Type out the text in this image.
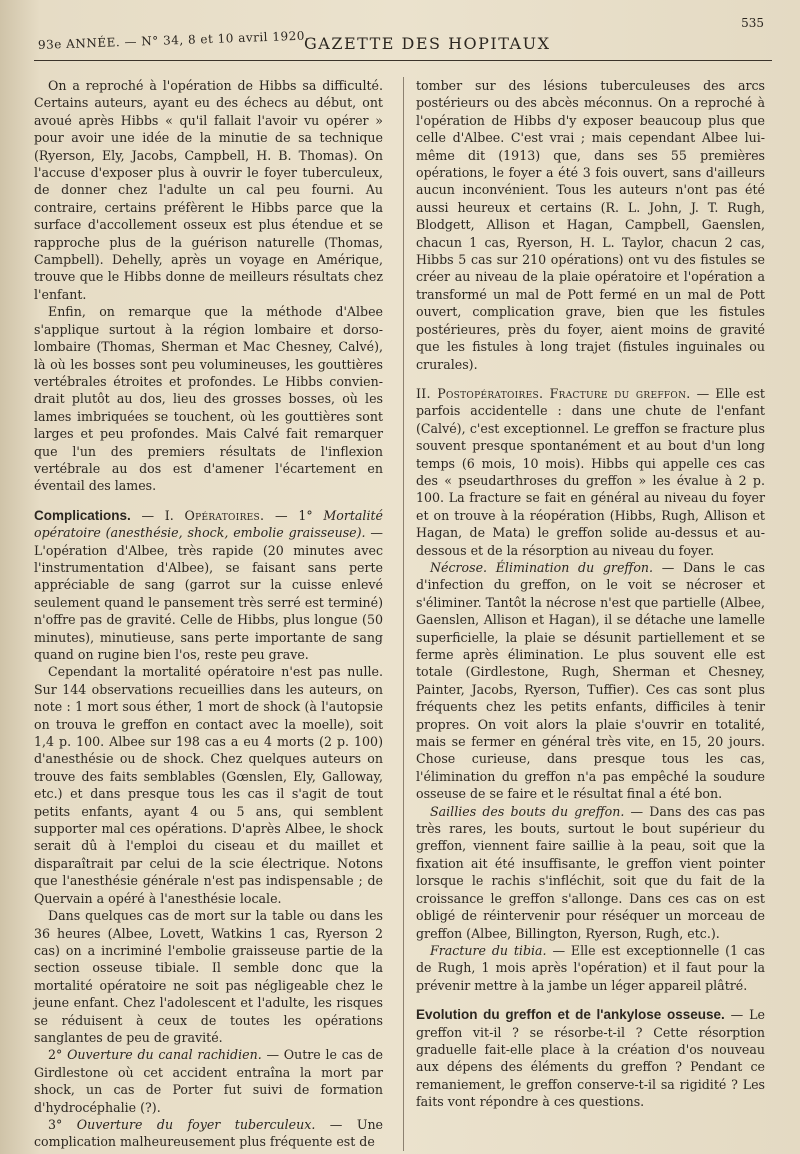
93e ANNÉE. — N° 34, 8 et 10 avril 1920.
GAZETTE DES HOPITAUX
535

On a reproché à l'opération de Hibbs sa difficulté. Certains auteurs, ayant eu des échecs au début, ont avoué après Hibbs « qu'il fallait l'avoir vu opérer » pour avoir une idée de la minutie de sa technique (Ryerson, Ely, Jacobs, Campbell, H. B. Thomas). On l'accuse d'exposer plus à ouvrir le foyer tuberculeux, de donner chez l'adulte un cal peu fourni. Au contraire, certains préfèrent le Hibbs parce que la surface d'accollement osseux est plus étendue et se rapproche plus de la guérison naturelle (Thomas, Campbell). Dehelly, après un voyage en Amérique, trouve que le Hibbs donne de meilleurs résultats chez l'enfant.

Enfin, on remarque que la méthode d'Albee s'applique surtout à la région lombaire et dorso-lombaire (Thomas, Sherman et Mac Chesney, Calvé), là où les bosses sont peu volumineuses, les gouttières vertébrales étroites et profondes. Le Hibbs convien-drait plutôt au dos, lieu des grosses bosses, où les lames imbriquées se touchent, où les gouttières sont larges et peu profondes. Mais Calvé fait remarquer que l'un des premiers résultats de l'inflexion vertébrale au dos est d'amener l'écartement en éventail des lames.

Complications. — I. Opératoires. — 1° Mortalité opératoire (anesthésie, shock, embolie graisseuse). — L'opération d'Albee, très rapide (20 minutes avec l'instrumentation d'Albee), se faisant sans perte appréciable de sang (garrot sur la cuisse enlevé seulement quand le pansement très serré est terminé) n'offre pas de gravité. Celle de Hibbs, plus longue (50 minutes), minutieuse, sans perte importante de sang quand on rugine bien l'os, reste peu grave.

Cependant la mortalité opératoire n'est pas nulle. Sur 144 observations recueillies dans les auteurs, on note : 1 mort sous éther, 1 mort de shock (à l'autopsie on trouva le greffon en contact avec la moelle), soit 1,4 p. 100. Albee sur 198 cas a eu 4 morts (2 p. 100) d'anesthésie ou de shock. Chez quelques auteurs on trouve des faits semblables (Gœnslen, Ely, Galloway, etc.) et dans presque tous les cas il s'agit de tout petits enfants, ayant 4 ou 5 ans, qui semblent supporter mal ces opérations. D'après Albee, le shock serait dû à l'emploi du ciseau et du maillet et disparaîtrait par celui de la scie électrique. Notons que l'anesthésie générale n'est pas indispensable ; de Quervain a opéré à l'anesthésie locale.

Dans quelques cas de mort sur la table ou dans les 36 heures (Albee, Lovett, Watkins 1 cas, Ryerson 2 cas) on a incriminé l'embolie graisseuse partie de la section osseuse tibiale. Il semble donc que la mortalité opératoire ne soit pas négligeable chez le jeune enfant. Chez l'adolescent et l'adulte, les risques se réduisent à ceux de toutes les opérations sanglantes de peu de gravité.

2° Ouverture du canal rachidien. — Outre le cas de Girdlestone où cet accident entraîna la mort par shock, un cas de Porter fut suivi de formation d'hydrocéphalie (?).

3° Ouverture du foyer tuberculeux. — Une complication malheureusement plus fréquente est de

tomber sur des lésions tuberculeuses des arcs postérieurs ou des abcès méconnus. On a reproché à l'opération de Hibbs d'y exposer beaucoup plus que celle d'Albee. C'est vrai ; mais cependant Albee lui-même dit (1913) que, dans ses 55 premières opérations, le foyer a été 3 fois ouvert, sans d'ailleurs aucun inconvénient. Tous les auteurs n'ont pas été aussi heureux et certains (R. L. John, J. T. Rugh, Blodgett, Allison et Hagan, Campbell, Gaenslen, chacun 1 cas, Ryerson, H. L. Taylor, chacun 2 cas, Hibbs 5 cas sur 210 opérations) ont vu des fistules se créer au niveau de la plaie opératoire et l'opération a transformé un mal de Pott fermé en un mal de Pott ouvert, complication grave, bien que les fistules postérieures, près du foyer, aient moins de gravité que les fistules à long trajet (fistules inguinales ou crurales).

II. Postopératoires. Fracture du greffon. — Elle est parfois accidentelle : dans une chute de l'enfant (Calvé), c'est exceptionnel. Le greffon se fracture plus souvent presque spontanément et au bout d'un long temps (6 mois, 10 mois). Hibbs qui appelle ces cas des « pseudarthroses du greffon » les évalue à 2 p. 100. La fracture se fait en général au niveau du foyer et on trouve à la réopération (Hibbs, Rugh, Allison et Hagan, de Mata) le greffon solide au-dessus et au-dessous et de la résorption au niveau du foyer.

Nécrose. Élimination du greffon. — Dans le cas d'infection du greffon, on le voit se nécroser et s'éliminer. Tantôt la nécrose n'est que partielle (Albee, Gaenslen, Allison et Hagan), il se détache une lamelle superficielle, la plaie se désunit partiellement et se ferme après élimination. Le plus souvent elle est totale (Girdlestone, Rugh, Sherman et Chesney, Painter, Jacobs, Ryerson, Tuffier). Ces cas sont plus fréquents chez les petits enfants, difficiles à tenir propres. On voit alors la plaie s'ouvrir en totalité, mais se fermer en général très vite, en 15, 20 jours. Chose curieuse, dans presque tous les cas, l'élimination du greffon n'a pas empêché la soudure osseuse de se faire et le résultat final a été bon.

Saillies des bouts du greffon. — Dans des cas pas très rares, les bouts, surtout le bout supérieur du greffon, viennent faire saillie à la peau, soit que la fixation ait été insuffisante, le greffon vient pointer lorsque le rachis s'infléchit, soit que du fait de la croissance le greffon s'allonge. Dans ces cas on est obligé de réintervenir pour réséquer un morceau de greffon (Albee, Billington, Ryerson, Rugh, etc.).

Fracture du tibia. — Elle est exceptionnelle (1 cas de Rugh, 1 mois après l'opération) et il faut pour la prévenir mettre à la jambe un léger appareil plâtré.

Evolution du greffon et de l'ankylose osseuse. — Le greffon vit-il ? se résorbe-t-il ? Cette résorption graduelle fait-elle place à la création d'os nouveau aux dépens des éléments du greffon ? Pendant ce remaniement, le greffon conserve-t-il sa rigidité ? Les faits vont répondre à ces questions.
